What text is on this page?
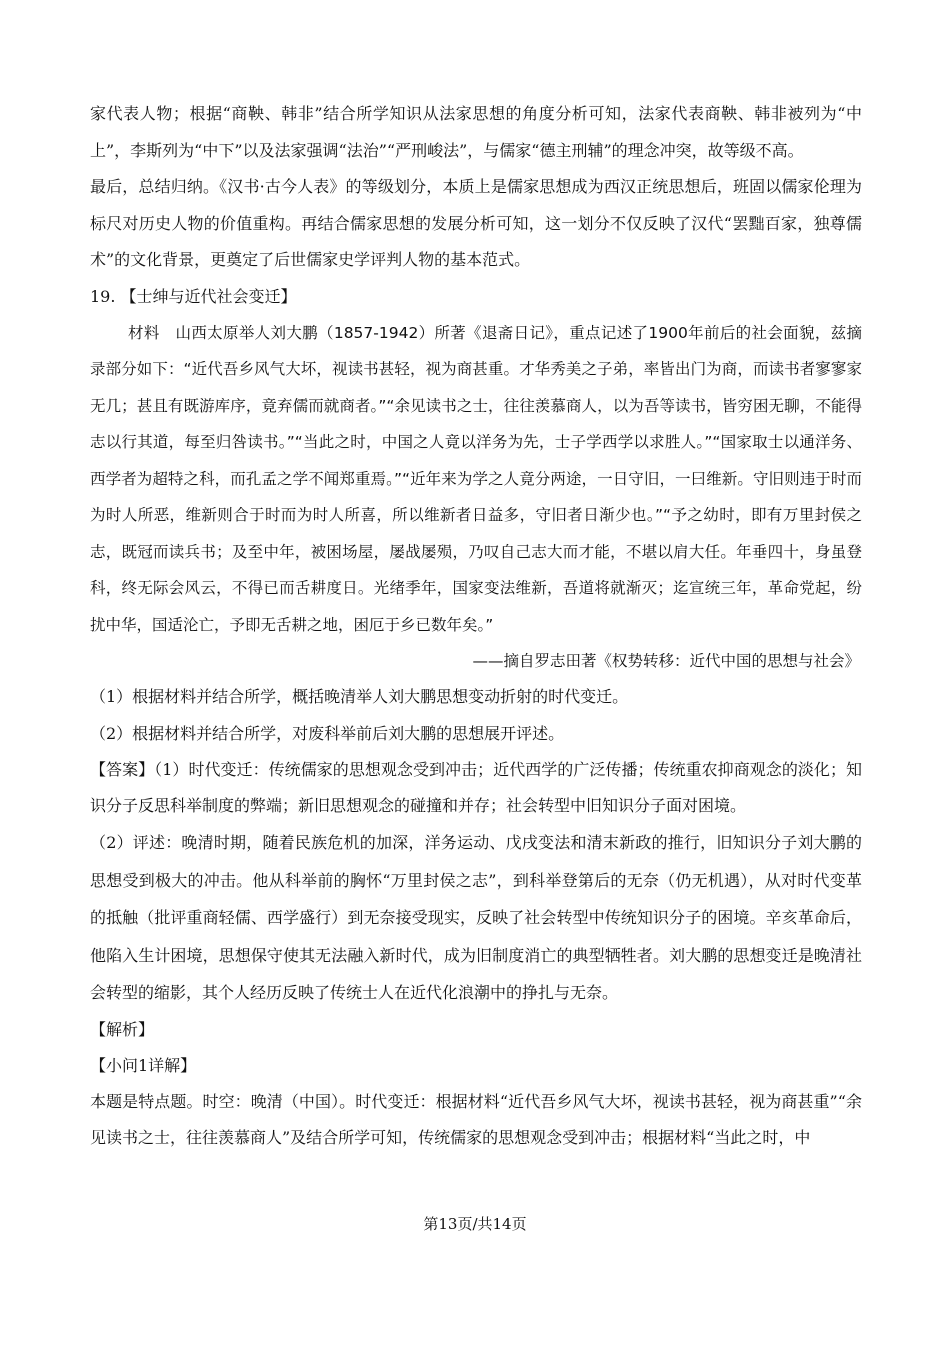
家代表人物；根据“商鞅、韩非”结合所学知识从法家思想的角度分析可知，法家代表商鞅、韩非被列为“中上”，李斯列为“中下”以及法家强调“法治”“严刑峻法”，与儒家“德主刑辅”的理念冲突，故等级不高。

最后，总结归纳。《汉书·古今人表》的等级划分，本质上是儒家思想成为西汉正统思想后，班固以儒家伦理为标尺对历史人物的价值重构。再结合儒家思想的发展分析可知，这一划分不仅反映了汉代“罢黜百家，独尊儒术”的文化背景，更奠定了后世儒家史学评判人物的基本范式。

19. 【士绅与近代社会变迁】

材料　山西太原举人刘大鹏（1857-1942）所著《退斋日记》，重点记述了1900年前后的社会面貌，兹摘录部分如下：“近代吾乡风气大坏，视读书甚轻，视为商甚重。才华秀美之子弟，率皆出门为商，而读书者寥寥家无几；甚且有既游库序，竟弃儒而就商者。”“余见读书之士，往往羡慕商人，以为吾等读书，皆穷困无聊，不能得志以行其道，每至归咎读书。”“当此之时，中国之人竟以洋务为先，士子学西学以求胜人。”“国家取士以通洋务、西学者为超特之科，而孔孟之学不闻郑重焉。”“近年来为学之人竟分两途，一日守旧，一曰维新。守旧则违于时而为时人所恶，维新则合于时而为时人所喜，所以维新者日益多，守旧者日渐少也。”“予之幼时，即有万里封侯之志，既冠而读兵书；及至中年，被困场屋，屡战屡殒，乃叹自己志大而才能，不堪以肩大任。年垂四十，身虽登科，终无际会风云，不得已而舌耕度日。光绪季年，国家变法维新，吾道将就渐灭；迄宣统三年，革命党起，纷扰中华，国适沦亡，予即无舌耕之地，困厄于乡已数年矣。”

——摘自罗志田著《权势转移：近代中国的思想与社会》

（1）根据材料并结合所学，概括晚清举人刘大鹏思想变动折射的时代变迁。

（2）根据材料并结合所学，对废科举前后刘大鹏的思想展开评述。

【答案】（1）时代变迁：传统儒家的思想观念受到冲击；近代西学的广泛传播；传统重农抑商观念的淡化；知识分子反思科举制度的弊端；新旧思想观念的碰撞和并存；社会转型中旧知识分子面对困境。

（2）评述：晚清时期，随着民族危机的加深，洋务运动、戊戌变法和清末新政的推行，旧知识分子刘大鹏的思想受到极大的冲击。他从科举前的胸怀“万里封侯之志”，到科举登第后的无奈（仍无机遇），从对时代变革的抵触（批评重商轻儒、西学盛行）到无奈接受现实，反映了社会转型中传统知识分子的困境。辛亥革命后，他陷入生计困境，思想保守使其无法融入新时代，成为旧制度消亡的典型牺牲者。刘大鹏的思想变迁是晚清社会转型的缩影，其个人经历反映了传统士人在近代化浪潮中的挣扎与无奈。

【解析】

【小问1详解】

本题是特点题。时空：晚清（中国）。时代变迁：根据材料“近代吾乡风气大坏，视读书甚轻，视为商甚重”“余见读书之士，往往羡慕商人”及结合所学可知，传统儒家的思想观念受到冲击；根据材料“当此之时，中

第13页/共14页
